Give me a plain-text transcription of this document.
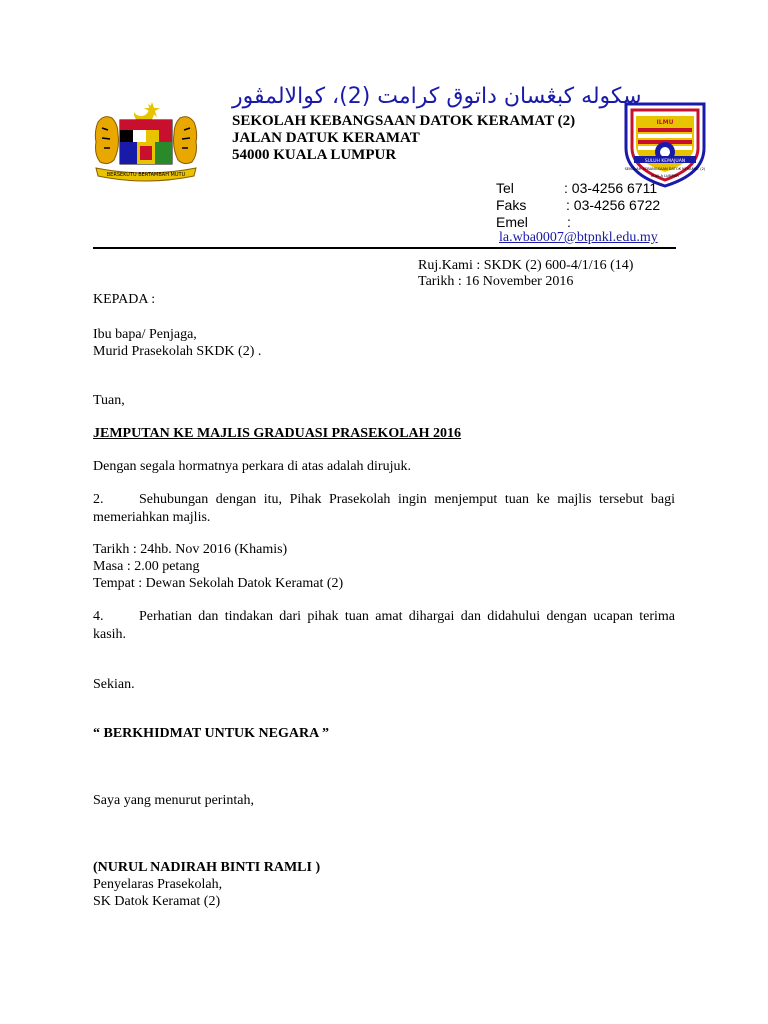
BERSEKUTU BERTAMBAH MUTU
ILMU
SULUH KEMAJUAN
SEKOLAH KEBANGSAAN DATOK KERAMAT (2)
KUALA LUMPUR
سكوله كبڠسان داتوق كرامت (2)، كوالالمڤور
SEKOLAH KEBANGSAAN DATOK KERAMAT (2)
JALAN DATUK KERAMAT
54000 KUALA LUMPUR
Tel	: 03-4256 6711
Faks	: 03-4256 6722
Emel	:
la.wba0007@btpnkl.edu.my
Ruj.Kami : SKDK (2) 600-4/1/16 (14)
Tarikh : 16 November 2016
KEPADA :
Ibu bapa/ Penjaga,
Murid Prasekolah SKDK (2) .
Tuan,
JEMPUTAN KE MAJLIS GRADUASI PRASEKOLAH 2016
Dengan segala hormatnya perkara di atas adalah dirujuk.
2.	Sehubungan dengan itu, Pihak Prasekolah ingin menjemput tuan ke majlis tersebut bagi memeriahkan majlis.
Tarikh : 24hb. Nov 2016 (Khamis)
Masa : 2.00 petang
Tempat : Dewan Sekolah Datok Keramat (2)
4.	Perhatian dan tindakan dari pihak tuan amat dihargai dan didahului dengan ucapan terima kasih.
Sekian.
“ BERKHIDMAT UNTUK NEGARA ”
Saya yang menurut perintah,
(NURUL NADIRAH BINTI RAMLI )
Penyelaras Prasekolah,
SK Datok Keramat (2)
